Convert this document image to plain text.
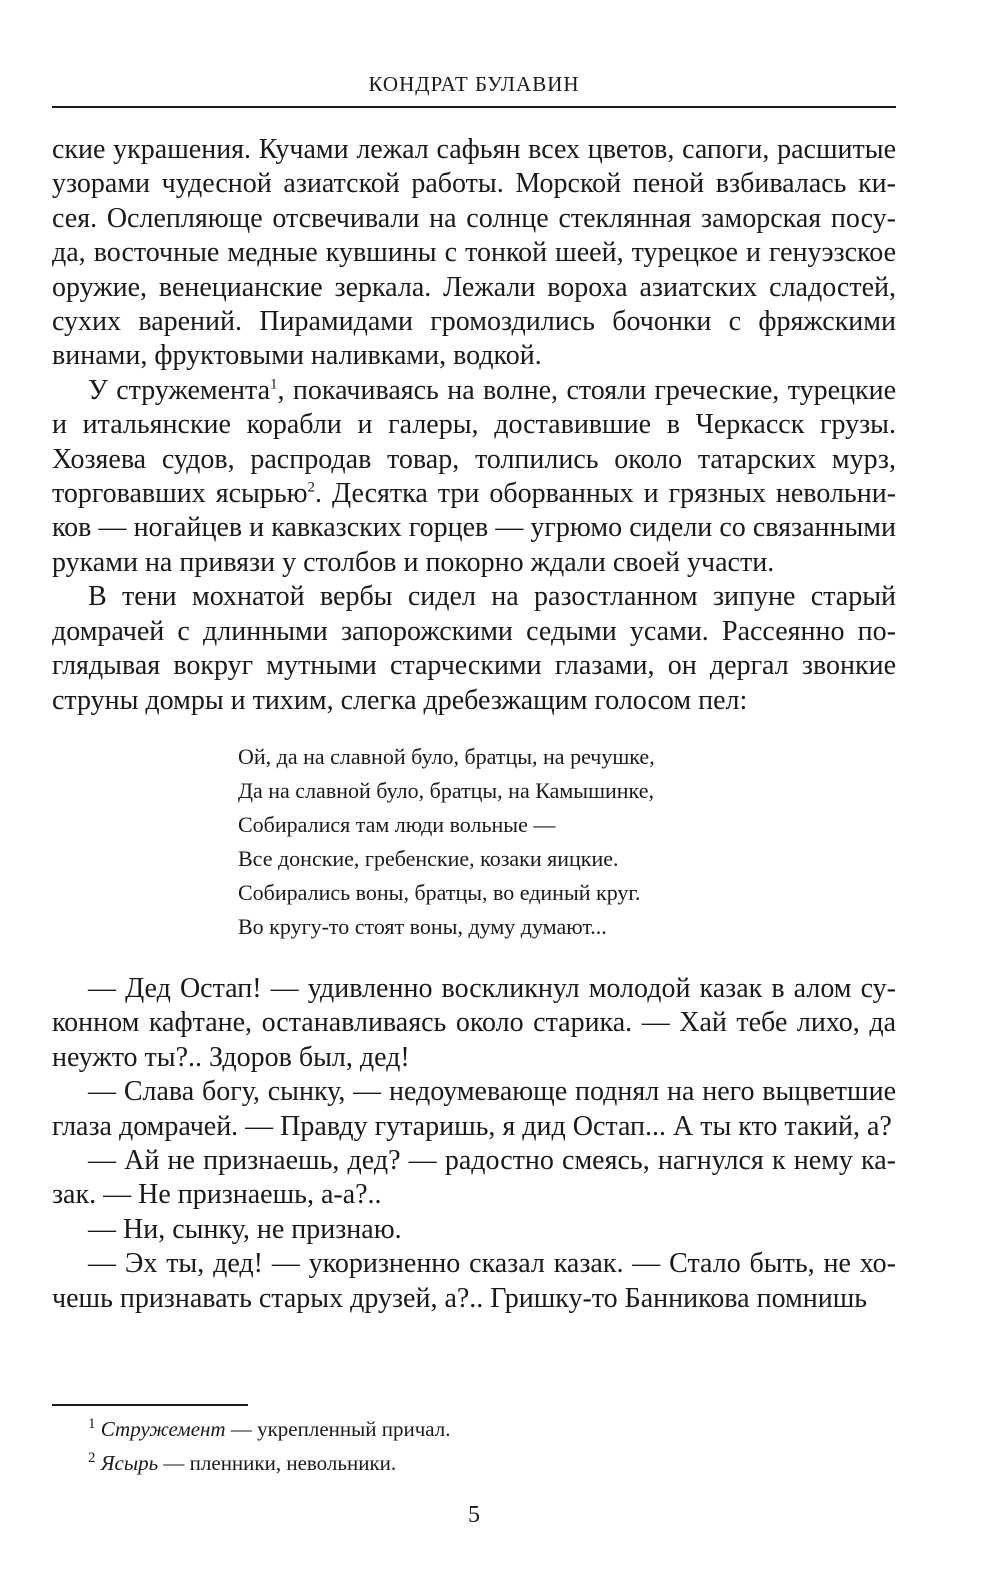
КОНДРАТ БУЛАВИН

ские украшения. Кучами лежал сафьян всех цветов, сапоги, расшитые узорами чудесной азиатской работы. Морской пеной взбивалась кисея. Ослепляюще отсвечивали на солнце стеклянная заморская посуда, восточные медные кувшины с тонкой шеей, турецкое и генуэзское оружие, венецианские зеркала. Лежали вороха азиатских сладостей, сухих варений. Пирамидами громоздились бочонки с фряжскими винами, фруктовыми наливками, водкой.

У стружемента$^1$, покачиваясь на волне, стояли греческие, турецкие и итальянские корабли и галеры, доставившие в Черкасск грузы. Хозяева судов, распродав товар, толпились около татарских мурз, торговавших ясырью$^2$. Десятка три оборванных и грязных невольников — ногайцев и кавказских горцев — угрюмо сидели со связанными руками на привязи у столбов и покорно ждали своей участи.

В тени мохнатой вербы сидел на разостланном зипуне старый домрачей с длинными запорожскими седыми усами. Рассеянно поглядывая вокруг мутными старческими глазами, он дергал звонкие струны домры и тихим, слегка дребезжащим голосом пел:

Ой, да на славной було, братцы, на речушке,
Да на славной було, братцы, на Камышинке,
Собиралися там люди вольные —
Все донские, гребенские, козаки яицкие.
Собирались воны, братцы, во единый круг.
Во кругу-то стоят воны, думу думают...

— Дед Остап! — удивленно воскликнул молодой казак в алом суконном кафтане, останавливаясь около старика. — Хай тебе лихо, да неужто ты?.. Здоров был, дед!

— Слава богу, сынку, — недоумевающе поднял на него выцветшие глаза домрачей. — Правду гутаришь, я дид Остап... А ты кто такий, а?

— Ай не признаешь, дед? — радостно смеясь, нагнулся к нему казак. — Не признаешь, а-а?..

— Ни, сынку, не признаю.

— Эх ты, дед! — укоризненно сказал казак. — Стало быть, не хочешь признавать старых друзей, а?.. Гришку-то Банникова помнишь

$^1$ Стружемент — укрепленный причал.
$^2$ Ясырь — пленники, невольники.
5
